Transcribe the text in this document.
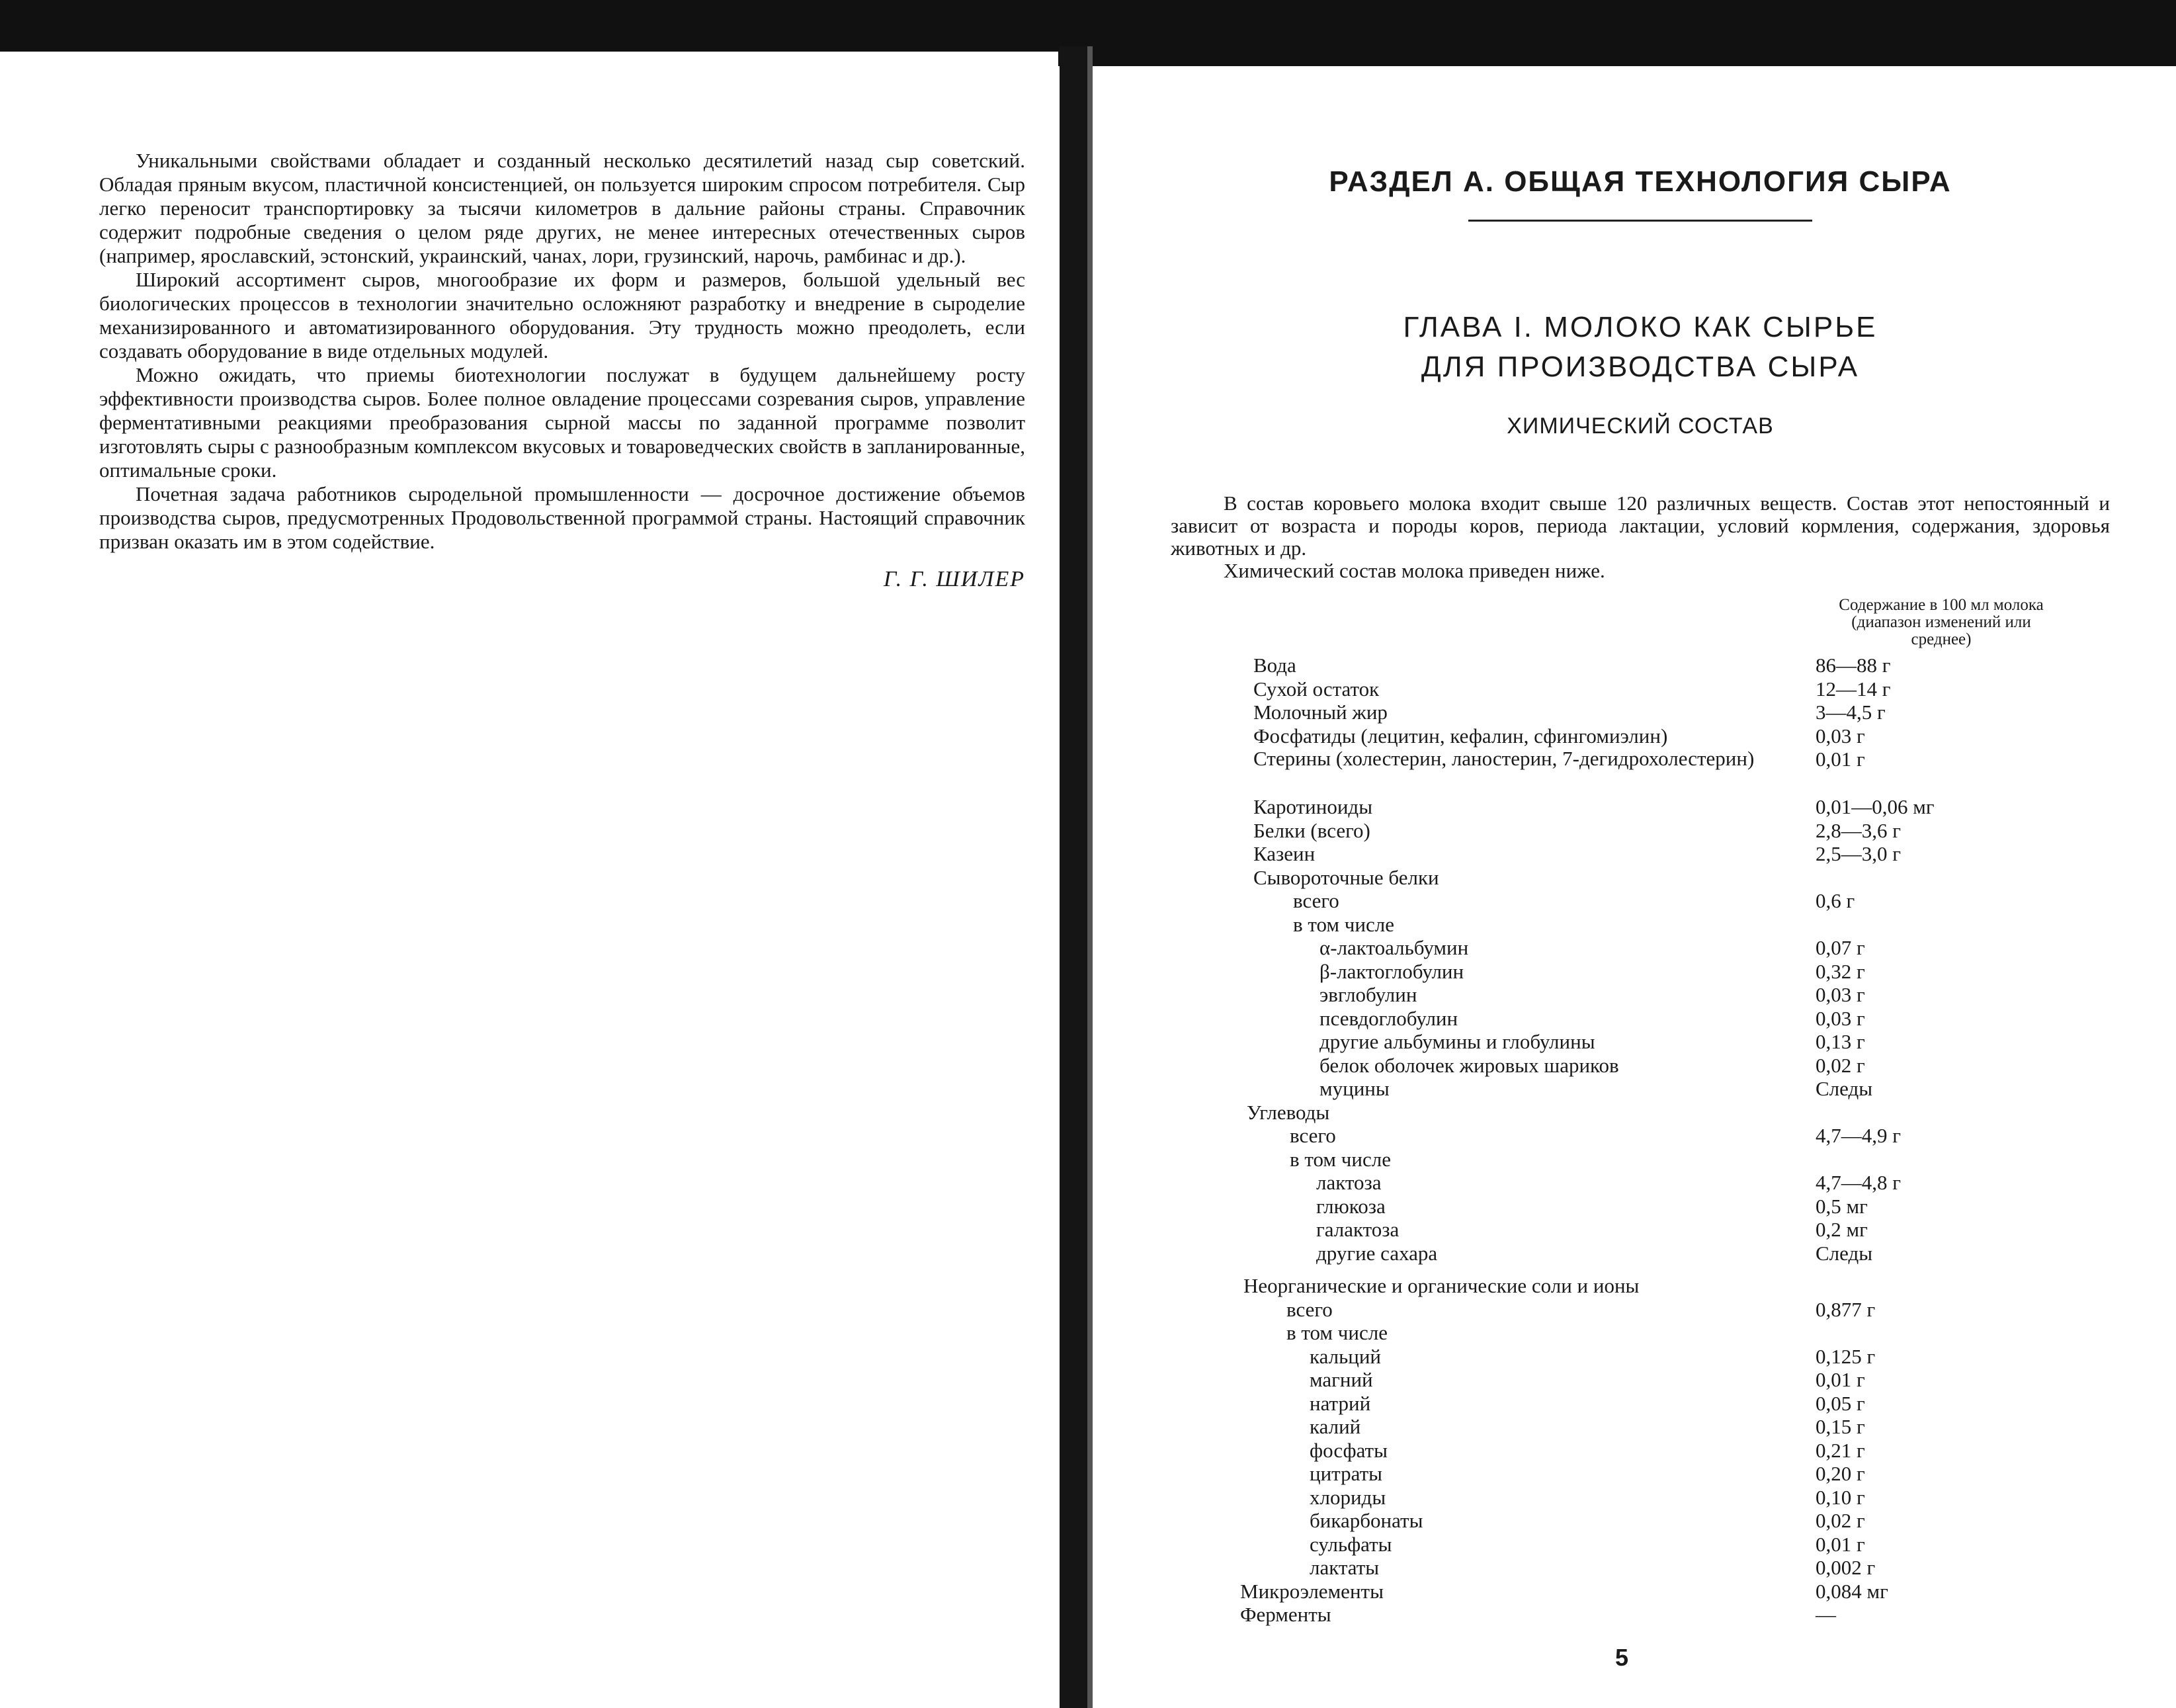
Уникальными свойствами обладает и созданный несколько десятилетий назад сыр советский. Обладая пряным вкусом, пластичной консистенцией, он пользуется широким спросом потребителя. Сыр легко переносит транспортировку за тысячи километров в дальние районы страны. Справочник содержит подробные сведения о целом ряде других, не менее интересных отечественных сыров (например, ярославский, эстонский, украинский, чанах, лори, грузинский, нарочь, рамбинас и др.).

Широкий ассортимент сыров, многообразие их форм и размеров, большой удельный вес биологических процессов в технологии значительно осложняют разработку и внедрение в сыроделие механизированного и автоматизированного оборудования. Эту трудность можно преодолеть, если создавать оборудование в виде отдельных модулей.

Можно ожидать, что приемы биотехнологии послужат в будущем дальнейшему росту эффективности производства сыров. Более полное овладение процессами созревания сыров, управление ферментативными реакциями преобразования сырной массы по заданной программе позволит изготовлять сыры с разнообразным комплексом вкусовых и товароведческих свойств в запланированные, оптимальные сроки.

Почетная задача работников сыродельной промышленности — досрочное достижение объемов производства сыров, предусмотренных Продовольственной программой страны. Настоящий справочник призван оказать им в этом содействие.

Г. Г. ШИЛЕР
РАЗДЕЛ А. ОБЩАЯ ТЕХНОЛОГИЯ СЫРА
ГЛАВА I. МОЛОКО КАК СЫРЬЕ
ДЛЯ ПРОИЗВОДСТВА СЫРА
ХИМИЧЕСКИЙ СОСТАВ

В состав коровьего молока входит свыше 120 различных веществ. Состав этот непостоянный и зависит от возраста и породы коров, периода лактации, условий кормления, содержания, здоровья животных и др.

Химический состав молока приведен ниже.

Содержание в 100 мл молока (диапазон изменений или среднее)
Вода	86—88 г
Сухой остаток	12—14 г
Молочный жир	3—4,5 г
Фосфатиды (лецитин, кефалин, сфингомиэлин)	0,03 г
Стерины (холестерин, ланостерин, 7-дегидрохолестерин)	0,01 г
Каротиноиды	0,01—0,06 мг
Белки (всего)	2,8—3,6 г
Казеин	2,5—3,0 г
Сывороточные белки
всего	0,6 г
в том числе
α-лактоальбумин	0,07 г
β-лактоглобулин	0,32 г
эвглобулин	0,03 г
псевдоглобулин	0,03 г
другие альбумины и глобулины	0,13 г
белок оболочек жировых шариков	0,02 г
муцины	Следы
Углеводы
всего	4,7—4,9 г
в том числе
лактоза	4,7—4,8 г
глюкоза	0,5 мг
галактоза	0,2 мг
другие сахара	Следы
Неорганические и органические соли и ионы
всего	0,877 г
в том числе
кальций	0,125 г
магний	0,01 г
натрий	0,05 г
калий	0,15 г
фосфаты	0,21 г
цитраты	0,20 г
хлориды	0,10 г
бикарбонаты	0,02 г
сульфаты	0,01 г
лактаты	0,002 г
Микроэлементы	0,084 мг
Ферменты	—
5
